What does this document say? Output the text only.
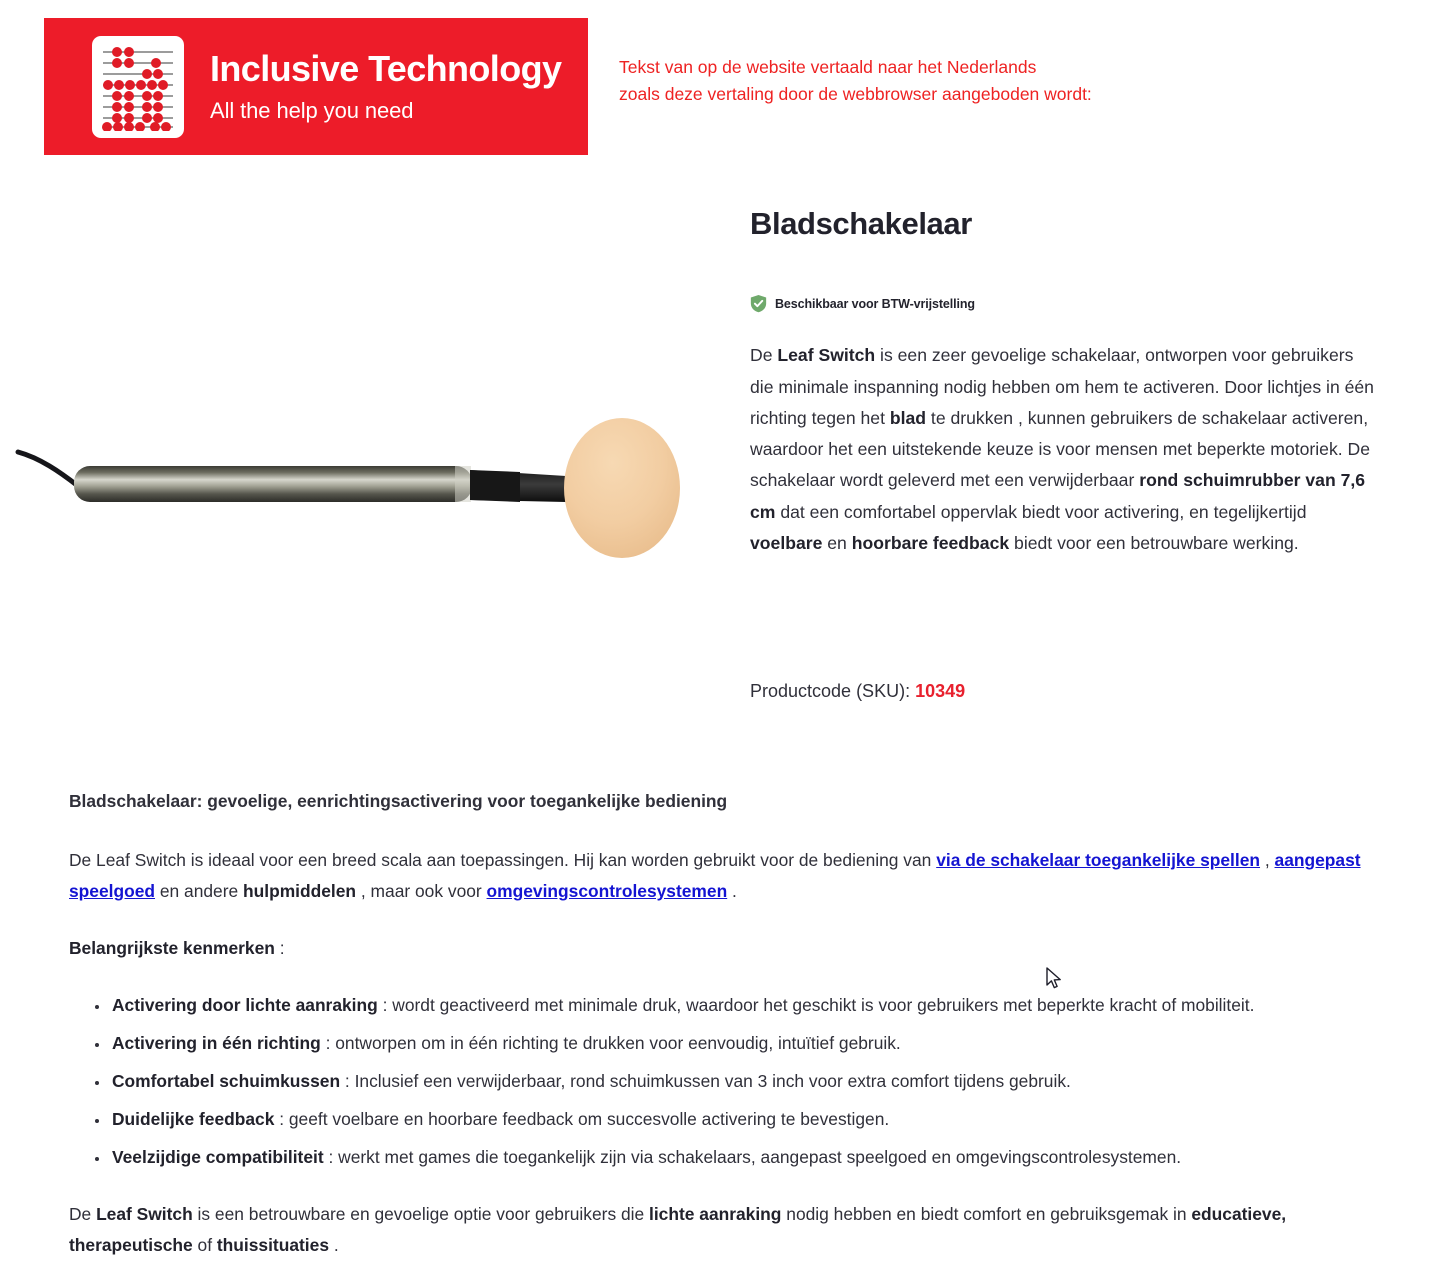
Inclusive Technology
All the help you need
Tekst van op de website vertaald naar het Nederlands
zoals deze vertaling door de webbrowser aangeboden wordt:
Bladschakelaar
Beschikbaar voor BTW-vrijstelling

De Leaf Switch is een zeer gevoelige schakelaar, ontworpen voor gebruikers die minimale inspanning nodig hebben om hem te activeren. Door lichtjes in één richting tegen het blad te drukken , kunnen gebruikers de schakelaar activeren, waardoor het een uitstekende keuze is voor mensen met beperkte motoriek. De schakelaar wordt geleverd met een verwijderbaar rond schuimrubber van 7,6 cm dat een comfortabel oppervlak biedt voor activering, en tegelijkertijd voelbare en hoorbare feedback biedt voor een betrouwbare werking.

Productcode (SKU): 10349

Bladschakelaar: gevoelige, eenrichtingsactivering voor toegankelijke bediening

De Leaf Switch is ideaal voor een breed scala aan toepassingen. Hij kan worden gebruikt voor de bediening van via de schakelaar toegankelijke spellen , aangepast speelgoed en andere hulpmiddelen , maar ook voor omgevingscontrolesystemen .

Belangrijkste kenmerken :

• Activering door lichte aanraking : wordt geactiveerd met minimale druk, waardoor het geschikt is voor gebruikers met beperkte kracht of mobiliteit.
• Activering in één richting : ontworpen om in één richting te drukken voor eenvoudig, intuïtief gebruik.
• Comfortabel schuimkussen : Inclusief een verwijderbaar, rond schuimkussen van 3 inch voor extra comfort tijdens gebruik.
• Duidelijke feedback : geeft voelbare en hoorbare feedback om succesvolle activering te bevestigen.
• Veelzijdige compatibiliteit : werkt met games die toegankelijk zijn via schakelaars, aangepast speelgoed en omgevingscontrolesystemen.

De Leaf Switch is een betrouwbare en gevoelige optie voor gebruikers die lichte aanraking nodig hebben en biedt comfort en gebruiksgemak in educatieve, therapeutische of thuissituaties .
